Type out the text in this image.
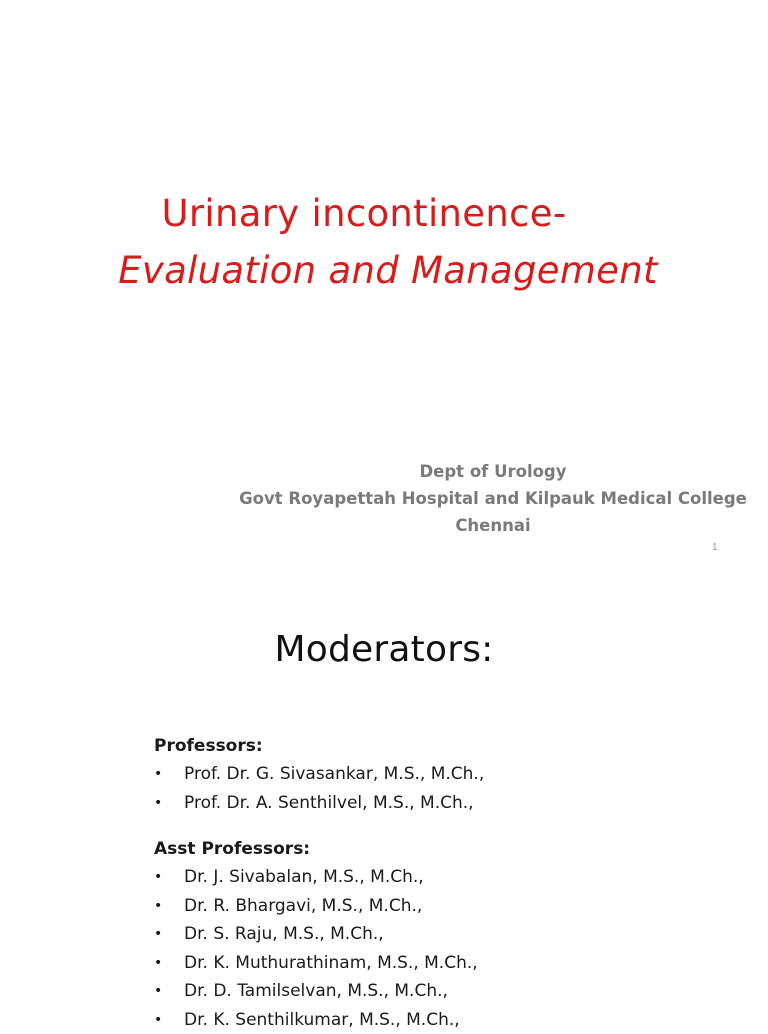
Urinary incontinence-
Evaluation and Management
Dept of Urology
Govt Royapettah Hospital and Kilpauk Medical College
Chennai
1
Moderators:
Professors:
•	Prof. Dr. G. Sivasankar, M.S., M.Ch.,
•	Prof. Dr. A. Senthilvel, M.S., M.Ch.,
Asst Professors:
•	Dr. J. Sivabalan, M.S., M.Ch.,
•	Dr. R. Bhargavi, M.S., M.Ch.,
•	Dr. S. Raju, M.S., M.Ch.,
•	Dr. K. Muthurathinam, M.S., M.Ch.,
•	Dr. D. Tamilselvan, M.S., M.Ch.,
•	Dr. K. Senthilkumar, M.S., M.Ch.,
